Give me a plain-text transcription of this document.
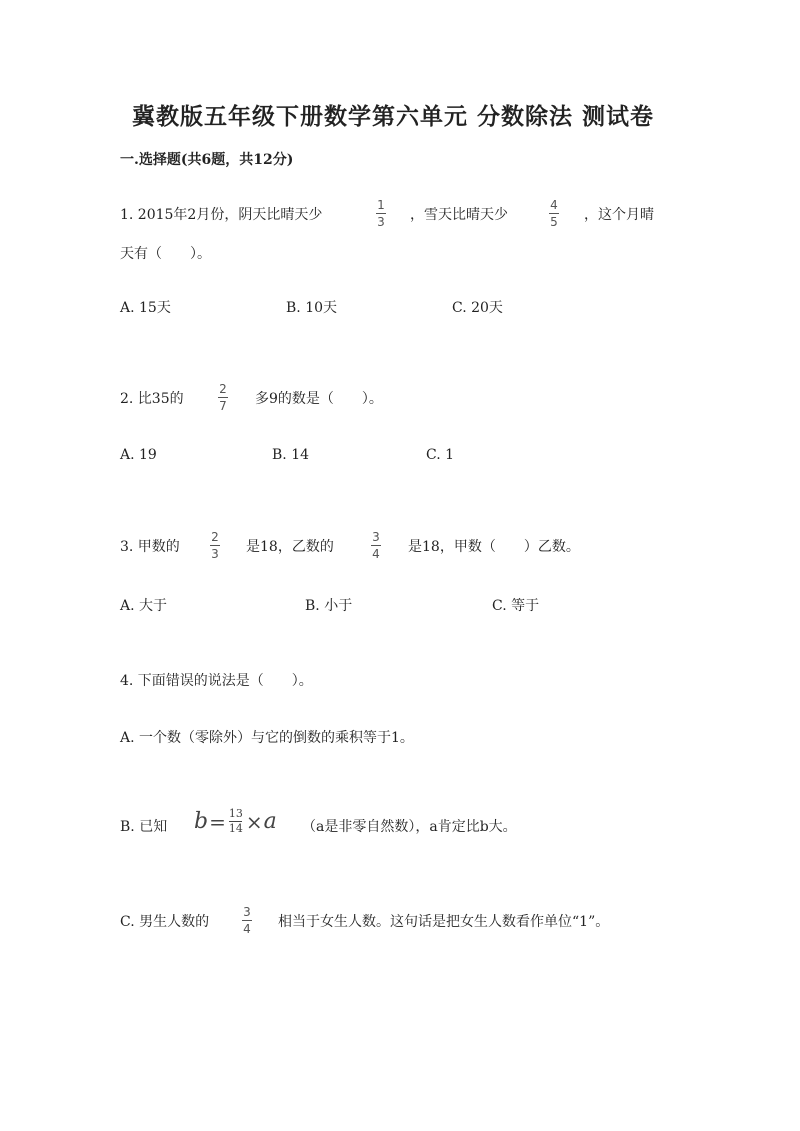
冀教版五年级下册数学第六单元 分数除法 测试卷
一.选择题(共6题，共12分)
1. 2015年2月份，阴天比晴天少
1
3 ，雪天比晴天少
4
5 ，这个月晴
天有（　　）。
A. 15天	B. 10天	C. 20天
2. 比35的
2
7 多9的数是（　　）。
A. 19	B. 14	C. 1
3. 甲数的
2
3 是18，乙数的
3
4 是18，甲数（　　）乙数。
A. 大于	B. 小于	C. 等于
4. 下面错误的说法是（　　）。
A. 一个数（零除外）与它的倒数的乘积等于1。
B. 已知 b = 13
14 × a （a是非零自然数），a肯定比b大。
C. 男生人数的
3
4 相当于女生人数。这句话是把女生人数看作单位“1”。
